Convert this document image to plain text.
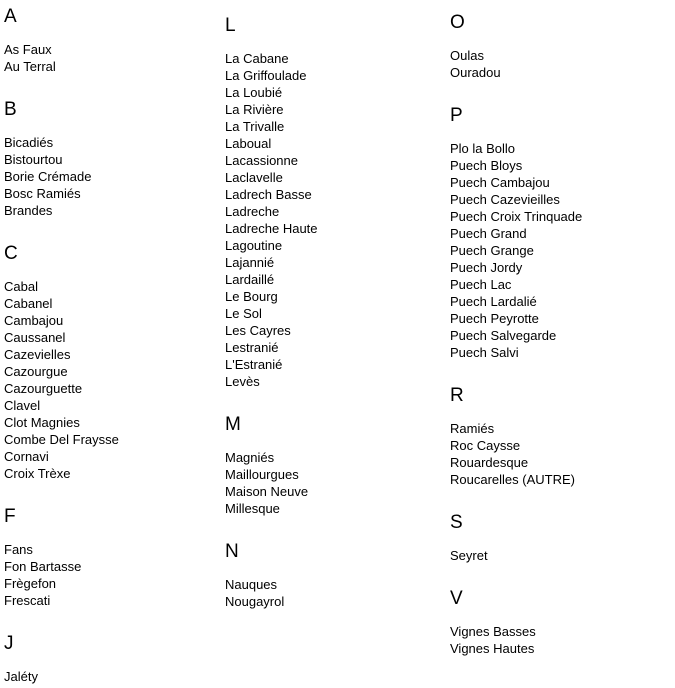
A
As Faux
Au Terral
B
Bicadiés
Bistourtou
Borie Crémade
Bosc Ramiés
Brandes
C
Cabal
Cabanel
Cambajou
Caussanel
Cazevielles
Cazourgue
Cazourguette
Clavel
Clot Magnies
Combe Del Fraysse
Cornavi
Croix Trèxe
F
Fans
Fon Bartasse
Frègefon
Frescati
J
Jaléty
L
La Cabane
La Griffoulade
La Loubié
La Rivière
La Trivalle
Laboual
Lacassionne
Laclavelle
Ladrech Basse
Ladreche
Ladreche Haute
Lagoutine
Lajannié
Lardaillé
Le Bourg
Le Sol
Les Cayres
Lestranié
L'Estranié
Levès
M
Magniés
Maillourgues
Maison Neuve
Millesque
N
Nauques
Nougayrol
O
Oulas
Ouradou
P
Plo la Bollo
Puech Bloys
Puech Cambajou
Puech Cazevieilles
Puech Croix Trinquade
Puech Grand
Puech Grange
Puech Jordy
Puech Lac
Puech Lardalié
Puech Peyrotte
Puech Salvegarde
Puech Salvi
R
Ramiés
Roc Caysse
Rouardesque
Roucarelles (AUTRE)
S
Seyret
V
Vignes Basses
Vignes Hautes
